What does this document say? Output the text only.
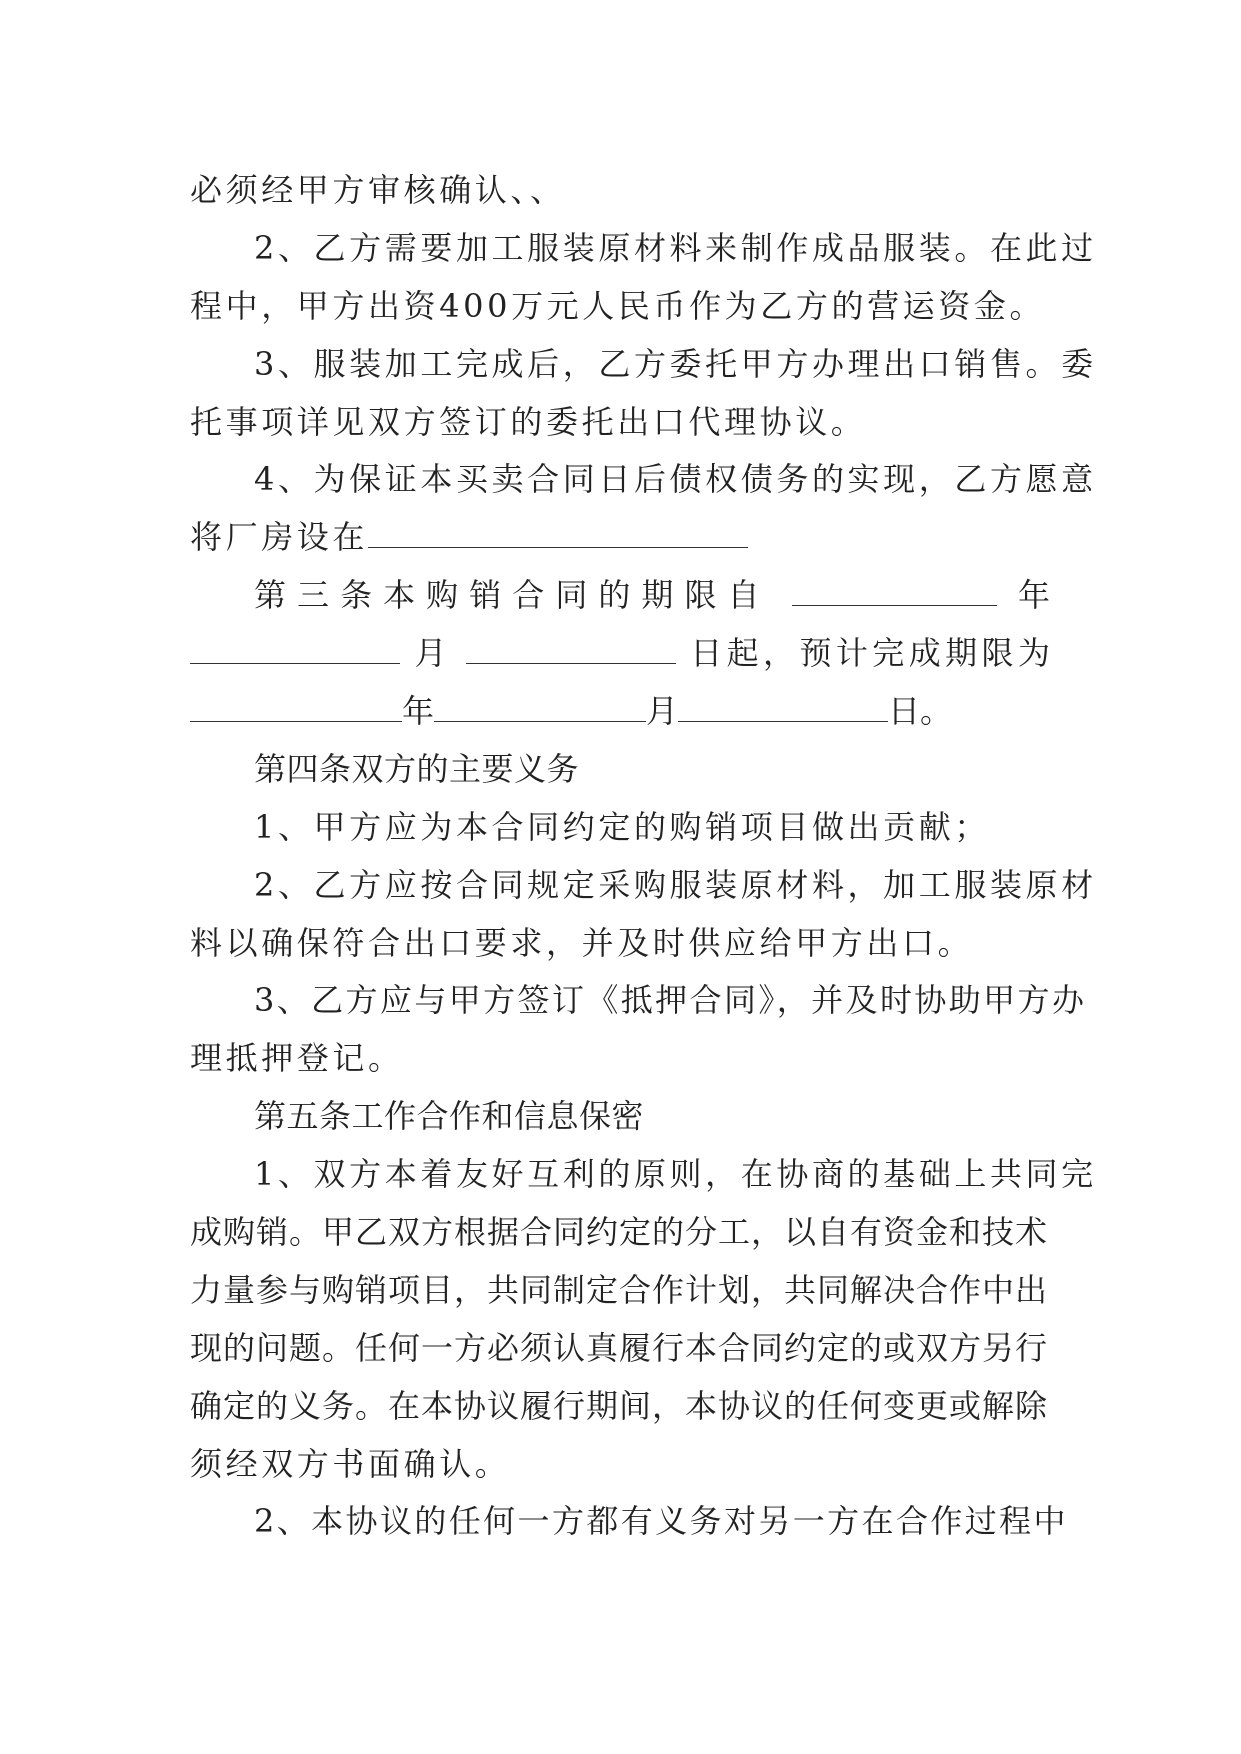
必须经甲方审核确认、、
2、乙方需要加工服装原材料来制作成品服装。在此过
程中，甲方出资400万元人民币作为乙方的营运资金。
3、服装加工完成后，乙方委托甲方办理出口销售。委
托事项详见双方签订的委托出口代理协议。
4、为保证本买卖合同日后债权债务的实现，乙方愿意
将厂房设在
第三条本购销合同的期限自	年
月	日起，预计完成期限为
年	月	日。
第四条双方的主要义务
1、甲方应为本合同约定的购销项目做出贡献；
2、乙方应按合同规定采购服装原材料，加工服装原材
料以确保符合出口要求，并及时供应给甲方出口。
3、乙方应与甲方签订《抵押合同》，并及时协助甲方办
理抵押登记。
第五条工作合作和信息保密
1、双方本着友好互利的原则，在协商的基础上共同完
成购销。甲乙双方根据合同约定的分工，以自有资金和技术
力量参与购销项目，共同制定合作计划，共同解决合作中出
现的问题。任何一方必须认真履行本合同约定的或双方另行
确定的义务。在本协议履行期间，本协议的任何变更或解除
须经双方书面确认。
2、本协议的任何一方都有义务对另一方在合作过程中
